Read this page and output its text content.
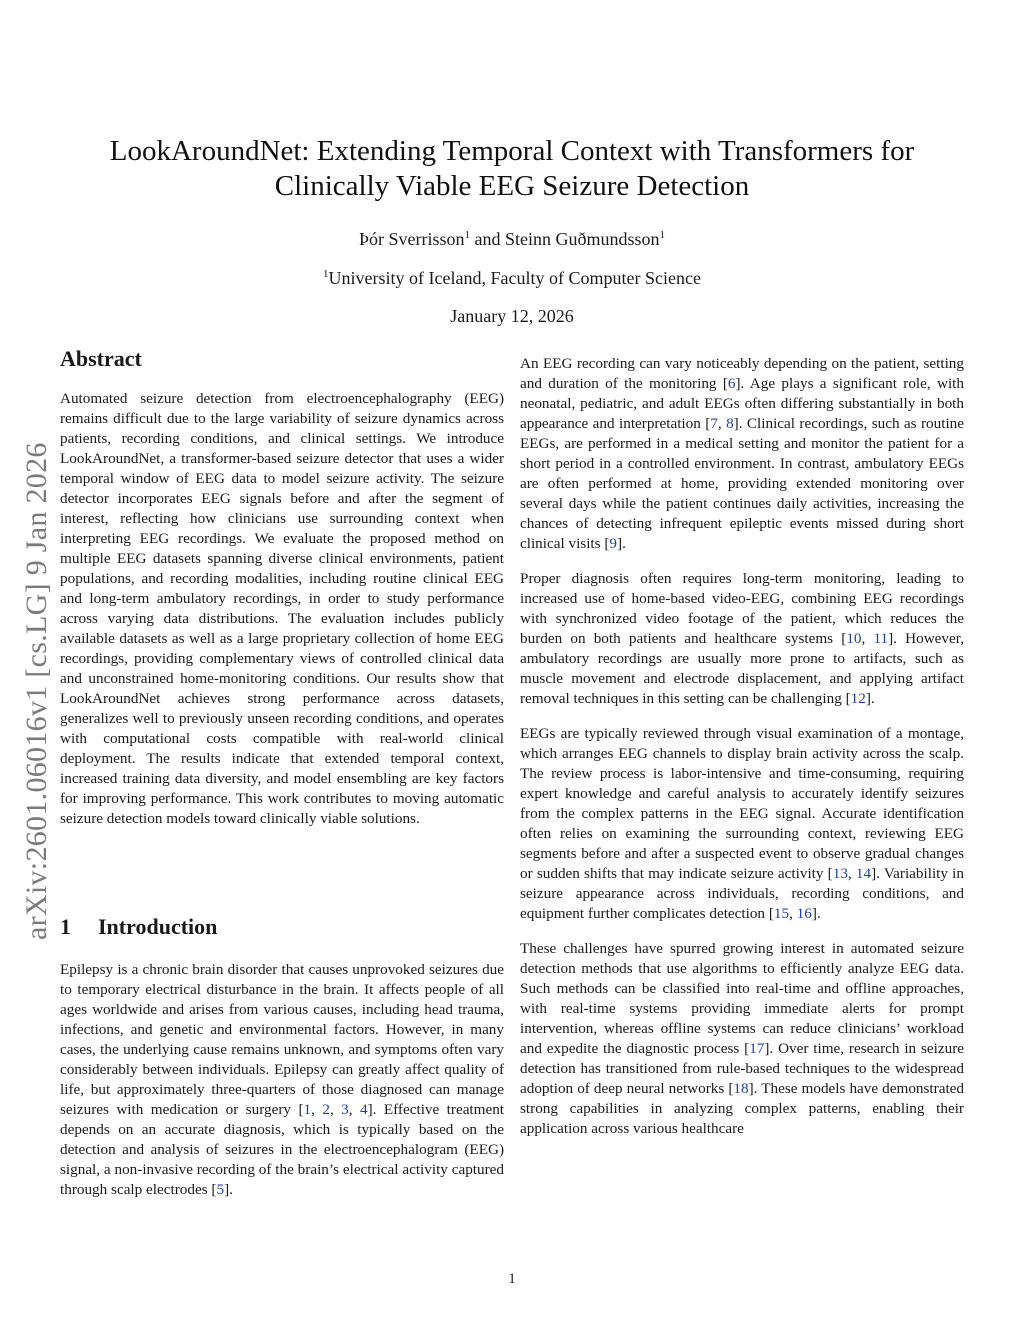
arXiv:2601.06016v1 [cs.LG] 9 Jan 2026
LookAroundNet: Extending Temporal Context with Transformers for
Clinically Viable EEG Seizure Detection
Þór Sverrisson$^1$ and Steinn Guðmundsson$^1$
$^1$University of Iceland, Faculty of Computer Science
January 12, 2026
Abstract

Automated seizure detection from electroencephalography (EEG) remains difficult due to the large variability of seizure dynamics across patients, recording conditions, and clinical settings. We introduce LookAroundNet, a transformer-based seizure detector that uses a wider temporal window of EEG data to model seizure activity. The seizure detector incorporates EEG signals before and after the segment of interest, reflecting how clinicians use surrounding context when interpreting EEG recordings. We evaluate the proposed method on multiple EEG datasets spanning diverse clinical environments, patient populations, and recording modalities, including routine clinical EEG and long-term ambulatory recordings, in order to study performance across varying data distributions. The evaluation includes publicly available datasets as well as a large proprietary collection of home EEG recordings, providing complementary views of controlled clinical data and unconstrained home-monitoring conditions. Our results show that LookAroundNet achieves strong performance across datasets, generalizes well to previously unseen recording conditions, and operates with computational costs compatible with real-world clinical deployment. The results indicate that extended temporal context, increased training data diversity, and model ensembling are key factors for improving performance. This work contributes to moving automatic seizure detection models toward clinically viable solutions.

1 Introduction

Epilepsy is a chronic brain disorder that causes unprovoked seizures due to temporary electrical disturbance in the brain. It affects people of all ages worldwide and arises from various causes, including head trauma, infections, and genetic and environmental factors. However, in many cases, the underlying cause remains unknown, and symptoms often vary considerably between individuals. Epilepsy can greatly affect quality of life, but approximately three-quarters of those diagnosed can manage seizures with medication or surgery [1, 2, 3, 4]. Effective treatment depends on an accurate diagnosis, which is typically based on the detection and analysis of seizures in the electroencephalogram (EEG) signal, a non-invasive recording of the brain’s electrical activity captured through scalp electrodes [5].

An EEG recording can vary noticeably depending on the patient, setting and duration of the monitoring [6]. Age plays a significant role, with neonatal, pediatric, and adult EEGs often differing substantially in both appearance and interpretation [7, 8]. Clinical recordings, such as routine EEGs, are performed in a medical setting and monitor the patient for a short period in a controlled environment. In contrast, ambulatory EEGs are often performed at home, providing extended monitoring over several days while the patient continues daily activities, increasing the chances of detecting infrequent epileptic events missed during short clinical visits [9].

Proper diagnosis often requires long-term monitoring, leading to increased use of home-based video-EEG, combining EEG recordings with synchronized video footage of the patient, which reduces the burden on both patients and healthcare systems [10, 11]. However, ambulatory recordings are usually more prone to artifacts, such as muscle movement and electrode displacement, and applying artifact removal techniques in this setting can be challenging [12].

EEGs are typically reviewed through visual examination of a montage, which arranges EEG channels to display brain activity across the scalp. The review process is labor-intensive and time-consuming, requiring expert knowledge and careful analysis to accurately identify seizures from the complex patterns in the EEG signal. Accurate identification often relies on examining the surrounding context, reviewing EEG segments before and after a suspected event to observe gradual changes or sudden shifts that may indicate seizure activity [13, 14]. Variability in seizure appearance across individuals, recording conditions, and equipment further complicates detection [15, 16].

These challenges have spurred growing interest in automated seizure detection methods that use algorithms to efficiently analyze EEG data. Such methods can be classified into real-time and offline approaches, with real-time systems providing immediate alerts for prompt intervention, whereas offline systems can reduce clinicians’ workload and expedite the diagnostic process [17]. Over time, research in seizure detection has transitioned from rule-based techniques to the widespread adoption of deep neural networks [18]. These models have demonstrated strong capabilities in analyzing complex patterns, enabling their application across various healthcare

1
